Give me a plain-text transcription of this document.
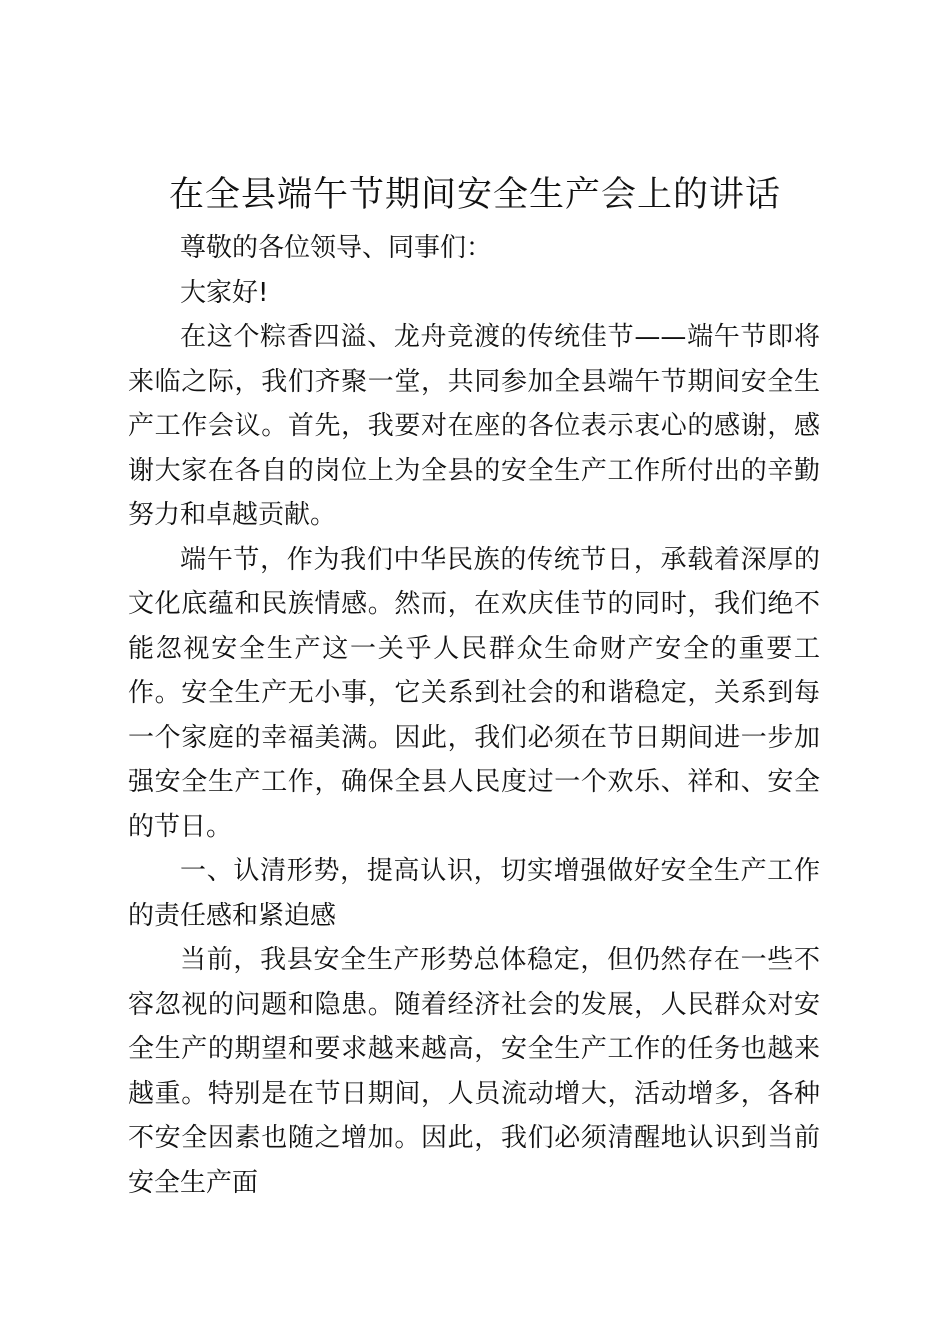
在全县端午节期间安全生产会上的讲话

尊敬的各位领导、同事们：

大家好!

在这个粽香四溢、龙舟竞渡的传统佳节——端午节即将来临之际，我们齐聚一堂，共同参加全县端午节期间安全生产工作会议。首先，我要对在座的各位表示衷心的感谢，感谢大家在各自的岗位上为全县的安全生产工作所付出的辛勤努力和卓越贡献。

端午节，作为我们中华民族的传统节日，承载着深厚的文化底蕴和民族情感。然而，在欢庆佳节的同时，我们绝不能忽视安全生产这一关乎人民群众生命财产安全的重要工作。安全生产无小事，它关系到社会的和谐稳定，关系到每一个家庭的幸福美满。因此，我们必须在节日期间进一步加强安全生产工作，确保全县人民度过一个欢乐、祥和、安全的节日。

一、认清形势，提高认识，切实增强做好安全生产工作的责任感和紧迫感

当前，我县安全生产形势总体稳定，但仍然存在一些不容忽视的问题和隐患。随着经济社会的发展，人民群众对安全生产的期望和要求越来越高，安全生产工作的任务也越来越重。特别是在节日期间，人员流动增大，活动增多，各种不安全因素也随之增加。因此，我们必须清醒地认识到当前安全生产面
